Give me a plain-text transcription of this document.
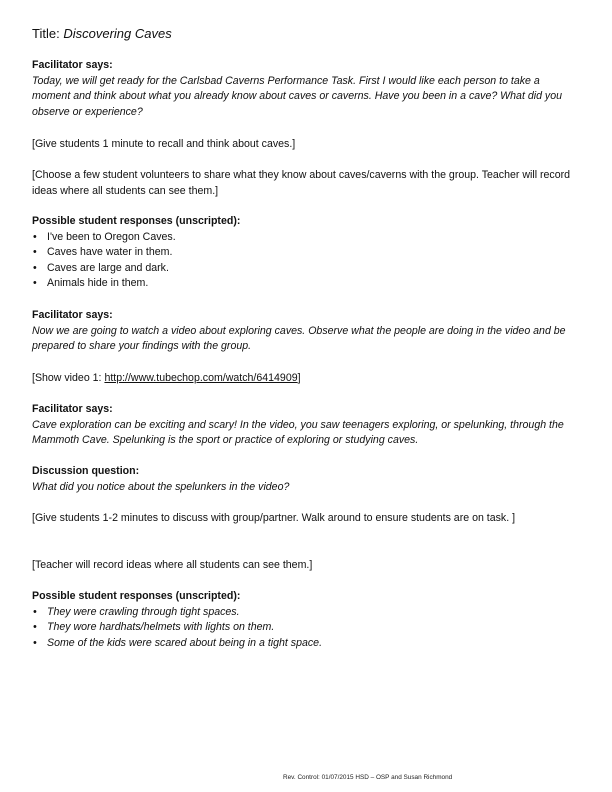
Title: Discovering Caves
Facilitator says:
Today, we will get ready for the Carlsbad Caverns Performance Task. First I would like each person to take a moment and think about what you already know about caves or caverns. Have you been in a cave? What did you observe or experience?
[Give students 1 minute to recall and think about caves.]
[Choose a few student volunteers to share what they know about caves/caverns with the group. Teacher will record ideas where all students can see them.]
Possible student responses (unscripted):
• I've been to Oregon Caves.
• Caves have water in them.
• Caves are large and dark.
• Animals hide in them.
Facilitator says:
Now we are going to watch a video about exploring caves. Observe what the people are doing in the video and be prepared to share your findings with the group.
[Show video 1: http://www.tubechop.com/watch/6414909]
Facilitator says:
Cave exploration can be exciting and scary! In the video, you saw teenagers exploring, or spelunking, through the Mammoth Cave. Spelunking is the sport or practice of exploring or studying caves.
Discussion question:
What did you notice about the spelunkers in the video?
[Give students 1-2 minutes to discuss with group/partner. Walk around to ensure students are on task. ]
[Teacher will record ideas where all students can see them.]
Possible student responses (unscripted):
• They were crawling through tight spaces.
• They wore hardhats/helmets with lights on them.
• Some of the kids were scared about being in a tight space.
Rev. Control: 01/07/2015 HSD – OSP and Susan Richmond
